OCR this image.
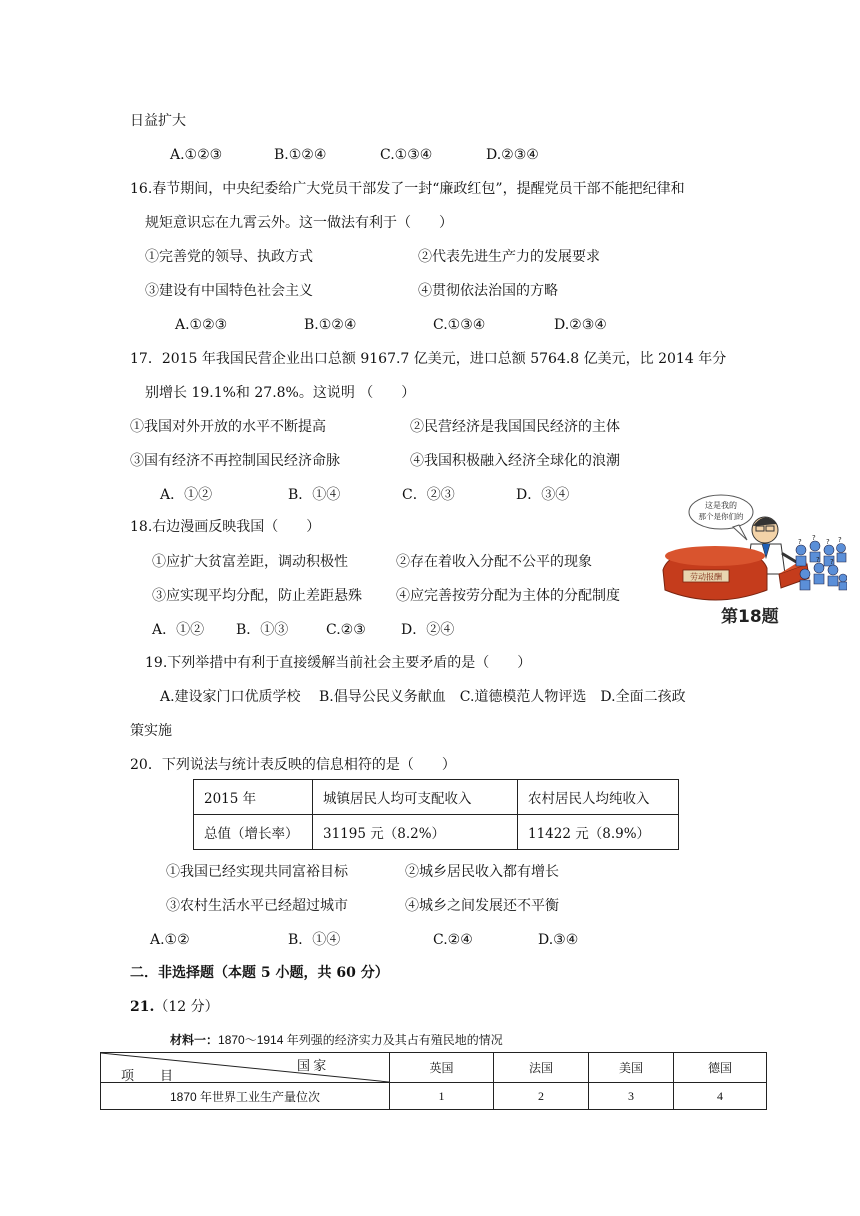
日益扩大
A.①②③	B.①②④	C.①③④	D.②③④
16.春节期间，中央纪委给广大党员干部发了一封“廉政红包”，提醒党员干部不能把纪律和
规矩意识忘在九霄云外。这一做法有利于（　　）
①完善党的领导、执政方式	②代表先进生产力的发展要求
③建设有中国特色社会主义	④贯彻依法治国的方略
A.①②③	B.①②④	C.①③④	D.②③④
17．2015 年我国民营企业出口总额 9167.7 亿美元，进口总额 5764.8 亿美元，比 2014 年分
别增长 19.1%和 27.8%。这说明 （　　）
①我国对外开放的水平不断提高	②民营经济是我国国民经济的主体
③国有经济不再控制国民经济命脉	④我国积极融入经济全球化的浪潮
A．①②	B．①④	C．②③	D．③④
18.右边漫画反映我国（　　）
①应扩大贫富差距，调动积极性	②存在着收入分配不公平的现象
③应实现平均分配，防止差距悬殊 ④应完善按劳分配为主体的分配制度
A．①② B．①③	C.②③	D．②④
这是我的
那个是你们的
劳动报酬
? ? ? ?
? ?
第18题
19.下列举措中有利于直接缓解当前社会主要矛盾的是（　　）
A.建设家门口优质学校　 B.倡导公民义务献血　C.道德模范人物评选　D.全面二孩政
策实施
20．下列说法与统计表反映的信息相符的是（　　）
2015 年	城镇居民人均可支配收入	农村居民人均纯收入
总值（增长率）	31195 元（8.2%）	11422 元（8.9%）
①我国已经实现共同富裕目标	②城乡居民收入都有增长
③农村生活水平已经超过城市	④城乡之间发展还不平衡
A.①②	B．①④	C.②④	D.③④
二．非选择题（本题 5 小题，共 60 分）
21.（12 分）
材料一：1870～1914 年列强的经济实力及其占有殖民地的情况
国 家
项　　目	英国	法国	美国	德国
1870 年世界工业生产量位次	1	2	3	4
